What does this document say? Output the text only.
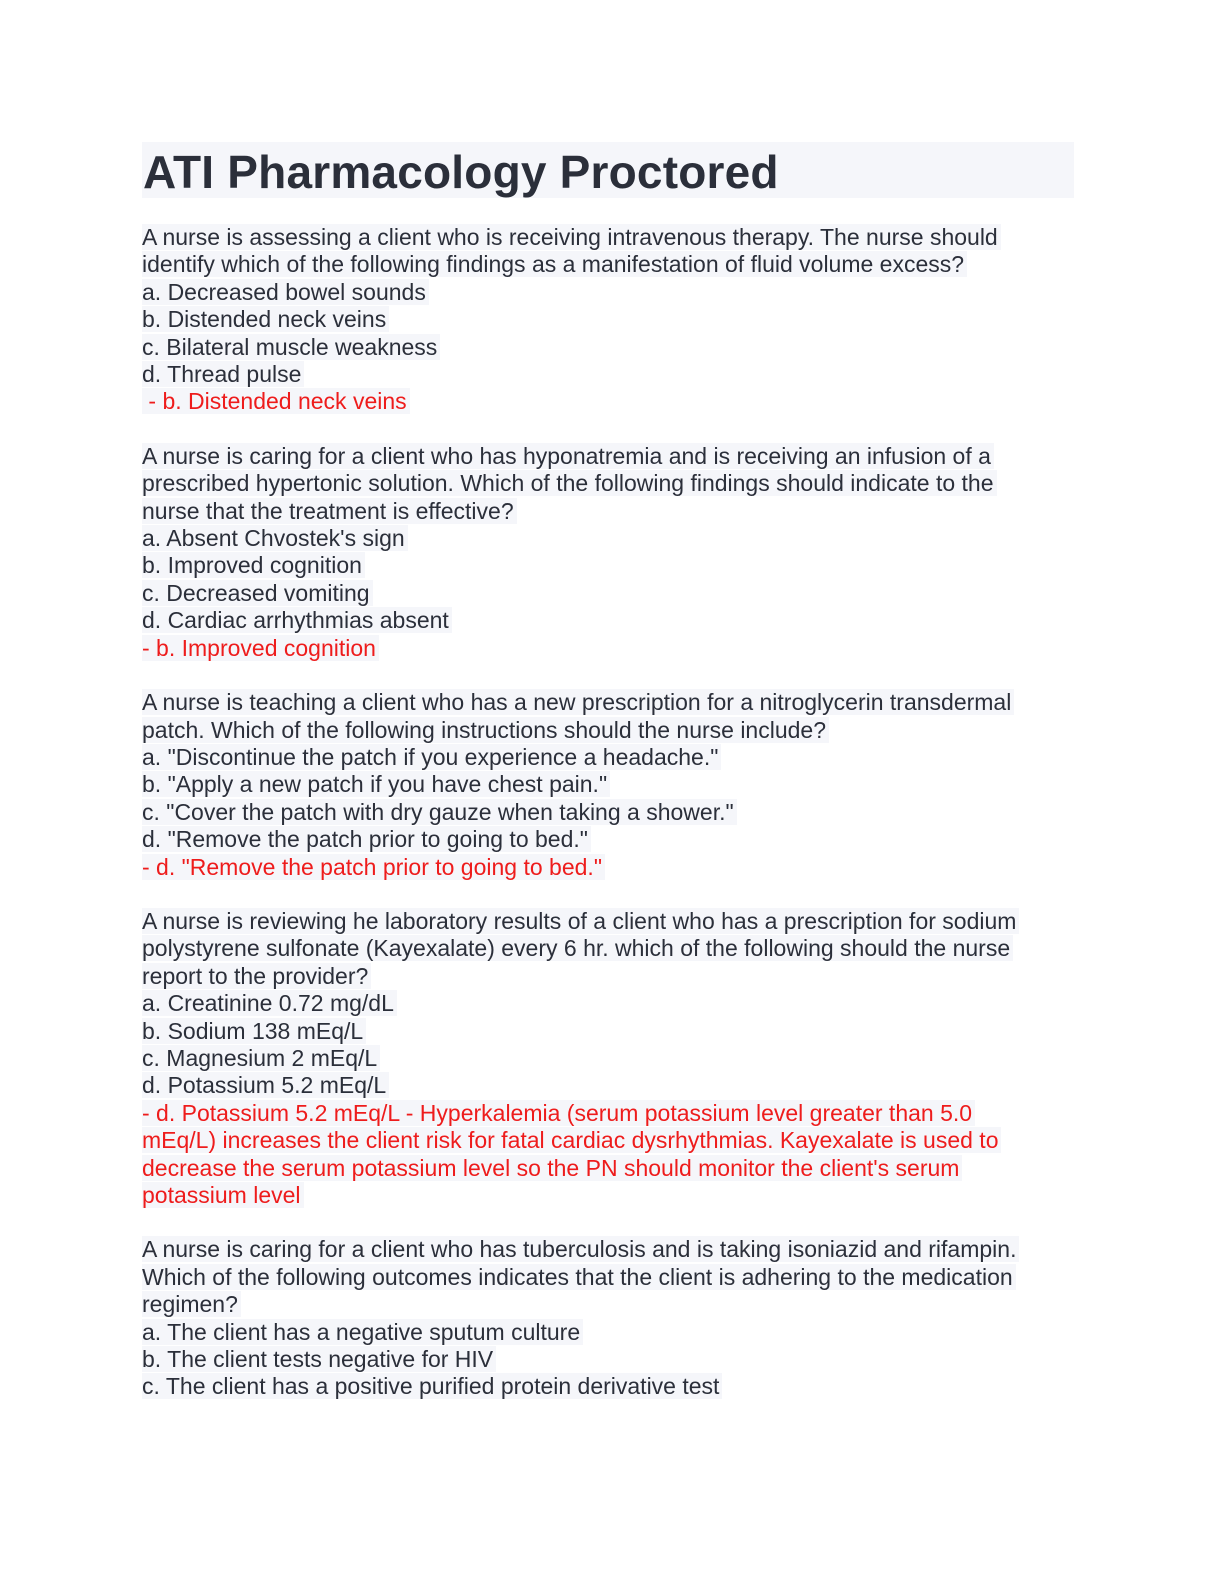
ATI Pharmacology Proctored
A nurse is assessing a client who is receiving intravenous therapy. The nurse should
identify which of the following findings as a manifestation of fluid volume excess?
a. Decreased bowel sounds
b. Distended neck veins
c. Bilateral muscle weakness
d. Thread pulse
- b. Distended neck veins
A nurse is caring for a client who has hyponatremia and is receiving an infusion of a
prescribed hypertonic solution. Which of the following findings should indicate to the
nurse that the treatment is effective?
a. Absent Chvostek's sign
b. Improved cognition
c. Decreased vomiting
d. Cardiac arrhythmias absent
- b. Improved cognition
A nurse is teaching a client who has a new prescription for a nitroglycerin transdermal
patch. Which of the following instructions should the nurse include?
a. "Discontinue the patch if you experience a headache."
b. "Apply a new patch if you have chest pain."
c. "Cover the patch with dry gauze when taking a shower."
d. "Remove the patch prior to going to bed."
- d. "Remove the patch prior to going to bed."
A nurse is reviewing he laboratory results of a client who has a prescription for sodium
polystyrene sulfonate (Kayexalate) every 6 hr. which of the following should the nurse
report to the provider?
a. Creatinine 0.72 mg/dL
b. Sodium 138 mEq/L
c. Magnesium 2 mEq/L
d. Potassium 5.2 mEq/L
- d. Potassium 5.2 mEq/L - Hyperkalemia (serum potassium level greater than 5.0
mEq/L) increases the client risk for fatal cardiac dysrhythmias. Kayexalate is used to
decrease the serum potassium level so the PN should monitor the client's serum
potassium level
A nurse is caring for a client who has tuberculosis and is taking isoniazid and rifampin.
Which of the following outcomes indicates that the client is adhering to the medication
regimen?
a. The client has a negative sputum culture
b. The client tests negative for HIV
c. The client has a positive purified protein derivative test
